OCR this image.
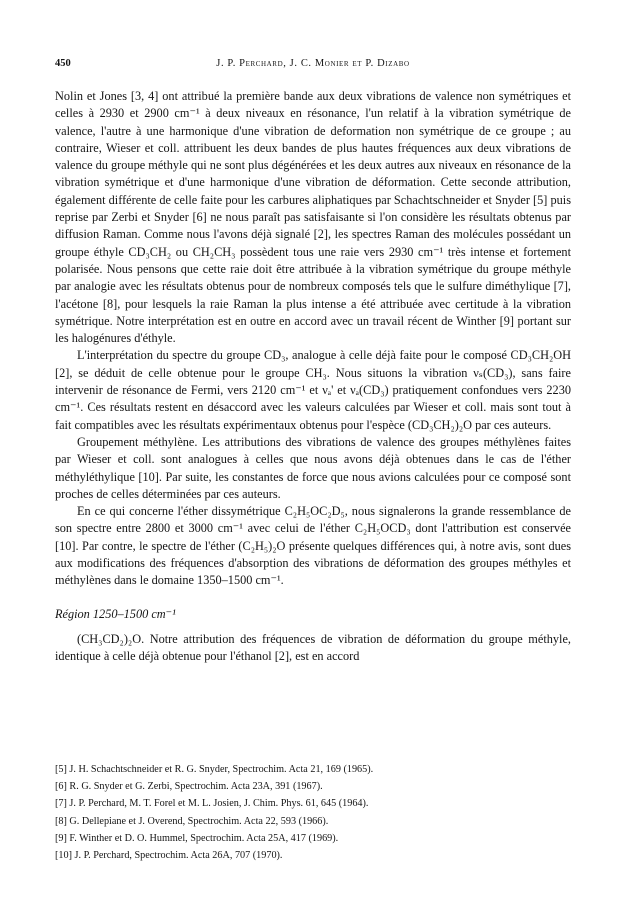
450	J. P. Perchard, J. C. Monier et P. Dizabo

Nolin et Jones [3, 4] ont attribué la première bande aux deux vibrations de valence non symétriques et celles à 2930 et 2900 cm⁻¹ à deux niveaux en résonance, l'un relatif à la vibration symétrique de valence, l'autre à une harmonique d'une vibration de deformation non symétrique de ce groupe ; au contraire, Wieser et coll. attribuent les deux bandes de plus hautes fréquences aux deux vibrations de valence du groupe méthyle qui ne sont plus dégénérées et les deux autres aux niveaux en résonance de la vibration symétrique et d'une harmonique d'une vibration de déformation. Cette seconde attribution, également différente de celle faite pour les carbures aliphatiques par Schachtschneider et Snyder [5] puis reprise par Zerbi et Snyder [6] ne nous paraît pas satisfaisante si l'on considère les résultats obtenus par diffusion Raman. Comme nous l'avons déjà signalé [2], les spectres Raman des molécules possédant un groupe éthyle CD₃CH₂ ou CH₂CH₃ possèdent tous une raie vers 2930 cm⁻¹ très intense et fortement polarisée. Nous pensons que cette raie doit être attribuée à la vibration symétrique du groupe méthyle par analogie avec les résultats obtenus pour de nombreux composés tels que le sulfure diméthylique [7], l'acétone [8], pour lesquels la raie Raman la plus intense a été attribuée avec certitude à la vibration symétrique. Notre interprétation est en outre en accord avec un travail récent de Winther [9] portant sur les halogénures d'éthyle.

L'interprétation du spectre du groupe CD₃, analogue à celle déjà faite pour le composé CD₃CH₂OH [2], se déduit de celle obtenue pour le groupe CH₃. Nous situons la vibration νₛ(CD₃), sans faire intervenir de résonance de Fermi, vers 2120 cm⁻¹ et νₐ' et νₐ(CD₃) pratiquement confondues vers 2230 cm⁻¹. Ces résultats restent en désaccord avec les valeurs calculées par Wieser et coll. mais sont tout à fait compatibles avec les résultats expérimentaux obtenus pour l'espèce (CD₃CH₂)₂O par ces auteurs.

Groupement méthylène. Les attributions des vibrations de valence des groupes méthylènes faites par Wieser et coll. sont analogues à celles que nous avons déjà obtenues dans le cas de l'éther méthyléthylique [10]. Par suite, les constantes de force que nous avions calculées pour ce composé sont proches de celles déterminées par ces auteurs.

En ce qui concerne l'éther dissymétrique C₂H₅OC₂D₅, nous signalerons la grande ressemblance de son spectre entre 2800 et 3000 cm⁻¹ avec celui de l'éther C₂H₅OCD₃ dont l'attribution est conservée [10]. Par contre, le spectre de l'éther (C₂H₅)₂O présente quelques différences qui, à notre avis, sont dues aux modifications des fréquences d'absorption des vibrations de déformation des groupes méthyles et méthylènes dans le domaine 1350–1500 cm⁻¹.

Région 1250–1500 cm⁻¹

(CH₃CD₂)₂O. Notre attribution des fréquences de vibration de déformation du groupe méthyle, identique à celle déjà obtenue pour l'éthanol [2], est en accord

[5] J. H. Schachtschneider et R. G. Snyder, Spectrochim. Acta 21, 169 (1965).
[6] R. G. Snyder et G. Zerbi, Spectrochim. Acta 23A, 391 (1967).
[7] J. P. Perchard, M. T. Forel et M. L. Josien, J. Chim. Phys. 61, 645 (1964).
[8] G. Dellepiane et J. Overend, Spectrochim. Acta 22, 593 (1966).
[9] F. Winther et D. O. Hummel, Spectrochim. Acta 25A, 417 (1969).
[10] J. P. Perchard, Spectrochim. Acta 26A, 707 (1970).
